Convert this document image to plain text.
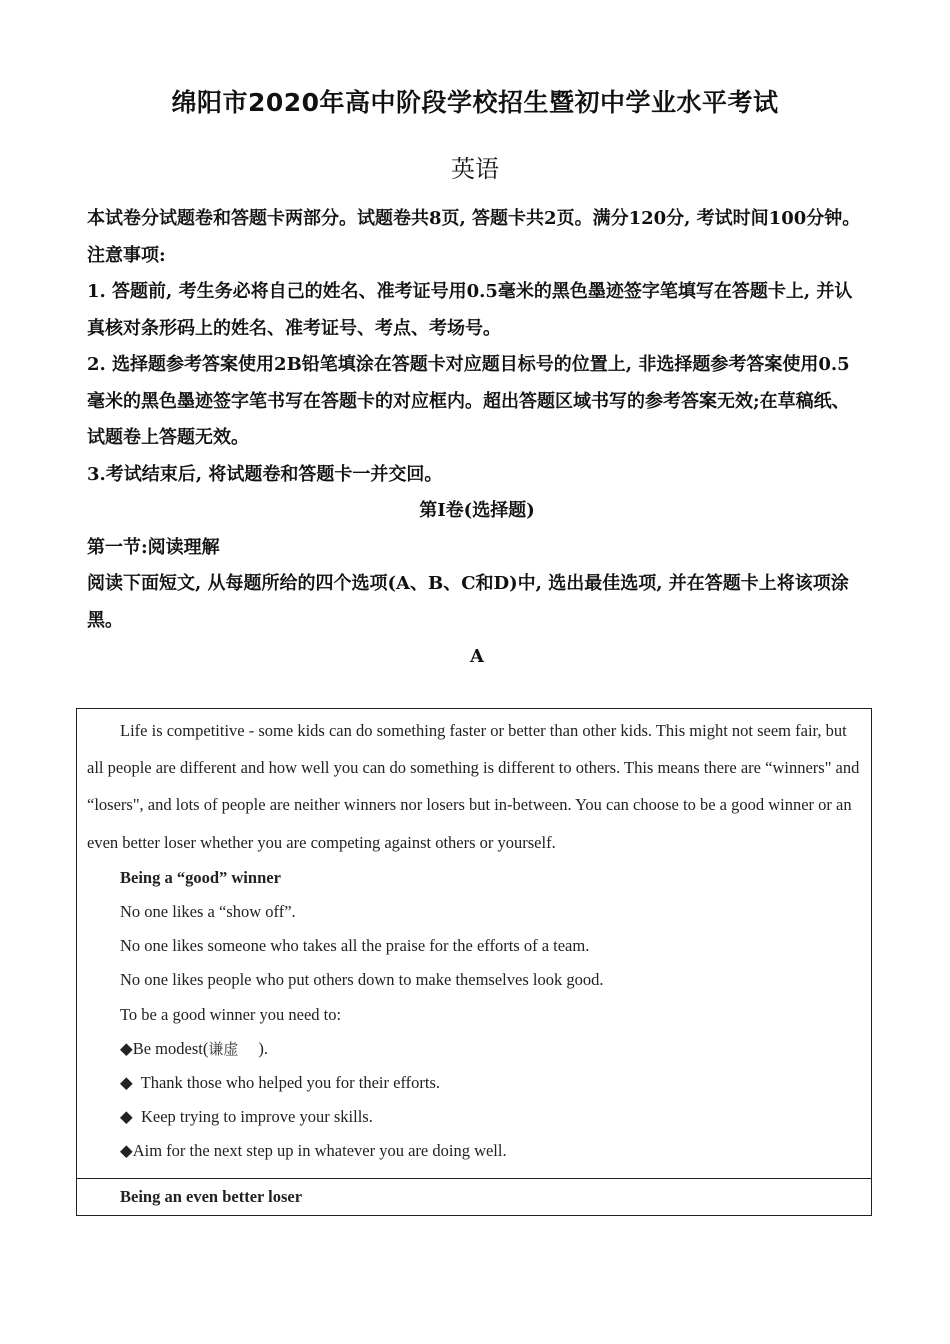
绵阳市2020年高中阶段学校招生暨初中学业水平考试
英语

本试卷分试题卷和答题卡两部分。试题卷共8页, 答题卡共2页。满分120分, 考试时间100分钟。

注意事项:

1. 答题前, 考生务必将自己的姓名、准考证号用0.5毫米的黑色墨迹签字笔填写在答题卡上, 并认真核对条形码上的姓名、准考证号、考点、考场号。

2. 选择题参考答案使用2B铅笔填涂在答题卡对应题目标号的位置上, 非选择题参考答案使用0.5毫米的黑色墨迹签字笔书写在答题卡的对应框内。超出答题区域书写的参考答案无效;在草稿纸、试题卷上答题无效。

3.考试结束后, 将试题卷和答题卡一并交回。

第I卷(选择题)

第一节:阅读理解

阅读下面短文, 从每题所给的四个选项(A、B、C和D)中, 选出最佳选项, 并在答题卡上将该项涂黑。

A

Life is competitive - some kids can do something faster or better than other kids. This might not seem fair, but all people are different and how well you can do something is different to others. This means there are “winners" and “losers", and lots of people are neither winners nor losers but in-between. You can choose to be a good winner or an even better loser whether you are competing against others or yourself.

Being a “good” winner

No one likes a “show off”.

No one likes someone who takes all the praise for the efforts of a team.

No one likes people who put others down to make themselves look good.

To be a good winner you need to:

◆Be modest(谦虚 ).

◆ Thank those who helped you for their efforts.

◆ Keep trying to improve your skills.

◆Aim for the next step up in whatever you are doing well.

Being an even better loser
